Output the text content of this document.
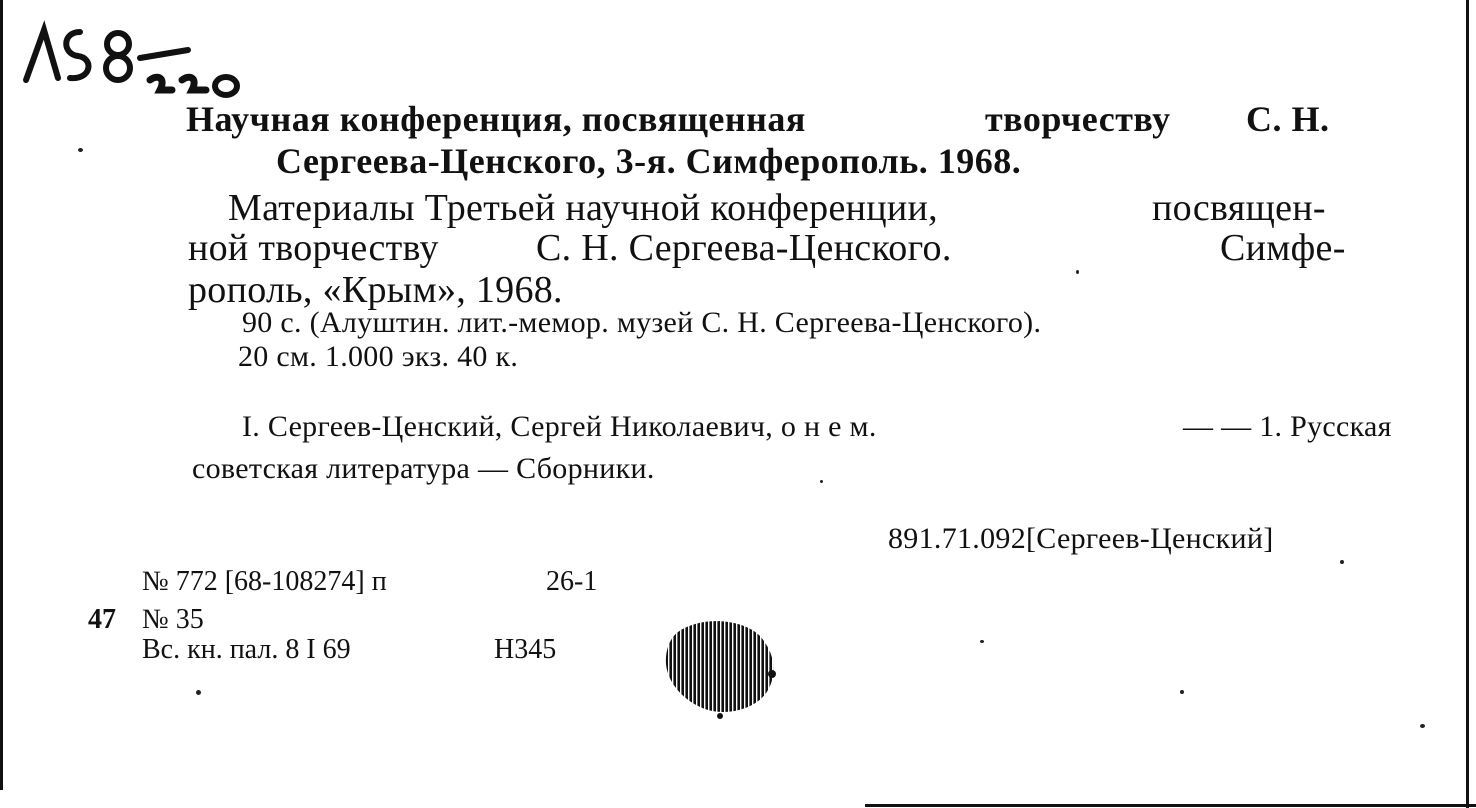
Научная конференция, посвященная	творчеству С. Н.
Сергеева-Ценского, 3-я. Симферополь. 1968.
Материалы Третьей научной конференции,	посвящен-
ной творчеству	С. Н. Сергеева-Ценского.	Симфе-
рополь, «Крым», 1968.
90 с. (Алуштин. лит.-мемор. музей С. Н. Сергеева-Ценского).
20 см. 1.000 экз. 40 к.
I. Сергеев-Ценский, Сергей Николаевич, о н е м.	— — 1. Русская
советская литература — Сборники.
891.71.092[Сергеев-Ценский]
№ 772 [68-108274] п	26-1
47 № 35
Вс. кн. пал. 8 I 69	Н345
